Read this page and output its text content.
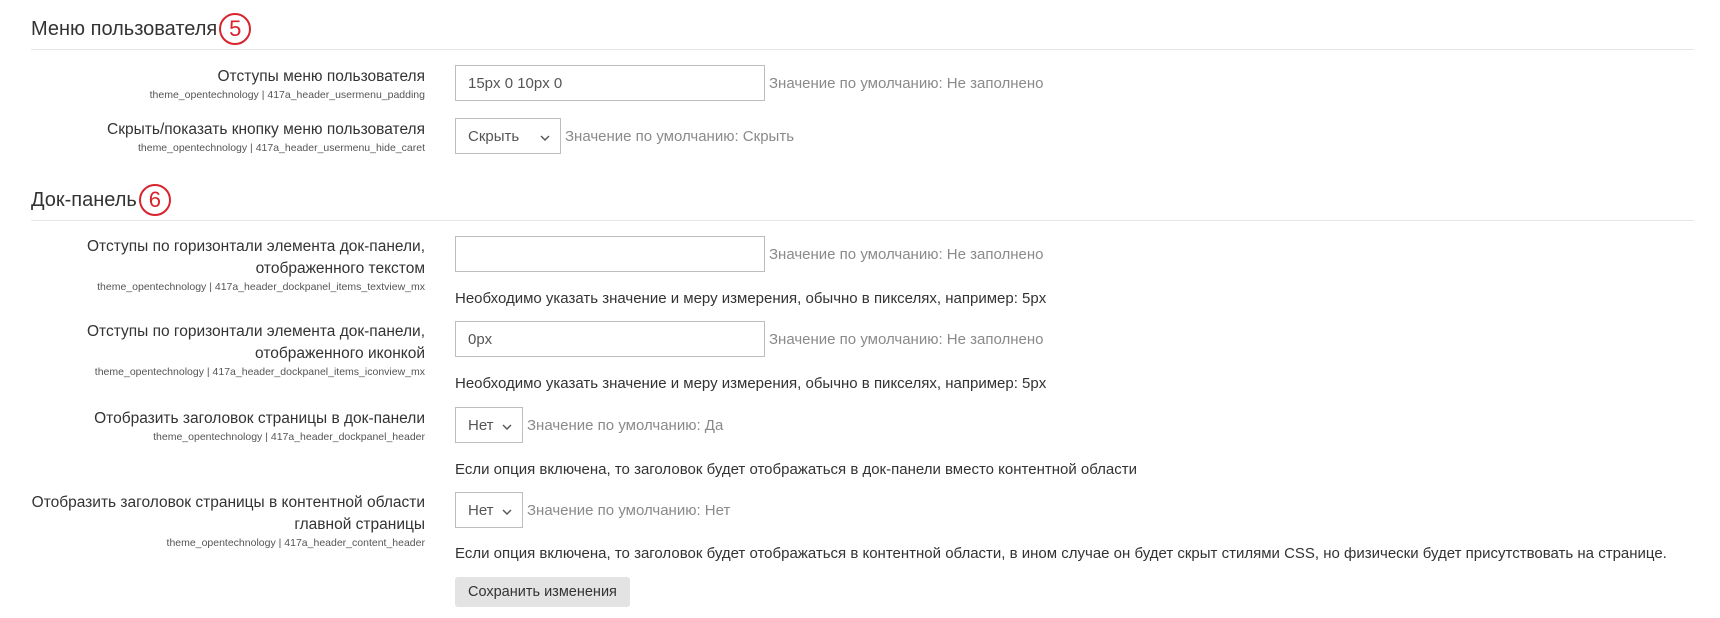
Меню пользователя 5
Отступы меню пользователя
theme_opentechnology | 417a_header_usermenu_padding
15px 0 10px 0
Значение по умолчанию: Не заполнено
Скрыть/показать кнопку меню пользователя
theme_opentechnology | 417a_header_usermenu_hide_caret
Скрыть	Значение по умолчанию: Скрыть
Док-панель 6
Отступы по горизонтали элемента док-панели,
отображенного текстом
theme_opentechnology | 417a_header_dockpanel_items_textview_mx
Значение по умолчанию: Не заполнено
Необходимо указать значение и меру измерения, обычно в пикселях, например: 5px
Отступы по горизонтали элемента док-панели,
отображенного иконкой
theme_opentechnology | 417a_header_dockpanel_items_iconview_mx
0px
Значение по умолчанию: Не заполнено
Необходимо указать значение и меру измерения, обычно в пикселях, например: 5px
Отобразить заголовок страницы в док-панели
theme_opentechnology | 417a_header_dockpanel_header
Нет Значение по умолчанию: Да
Если опция включена, то заголовок будет отображаться в док-панели вместо контентной области
Отобразить заголовок страницы в контентной области
главной страницы
theme_opentechnology | 417a_header_content_header
Нет Значение по умолчанию: Нет
Если опция включена, то заголовок будет отображаться в контентной области, в ином случае он будет скрыт стилями CSS, но физически будет присутствовать на странице.
Сохранить изменения
